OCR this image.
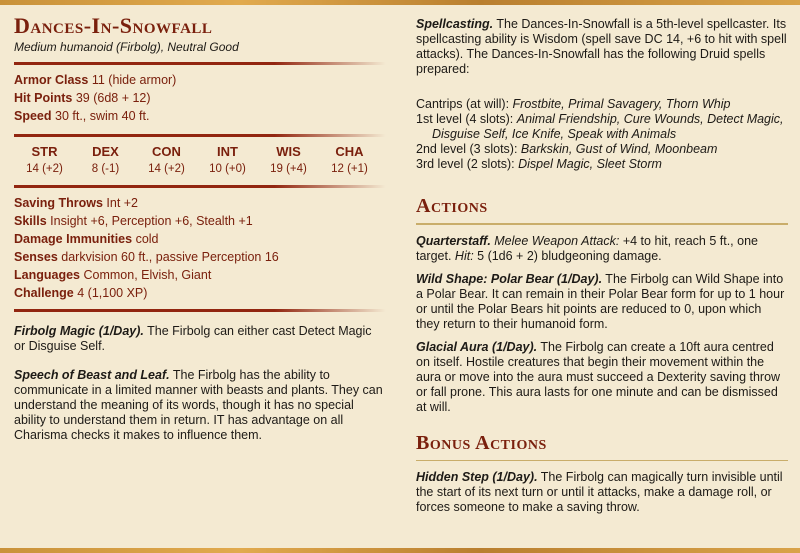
Dances-In-Snowfall
Medium humanoid (Firbolg), Neutral Good
Armor Class 11 (hide armor)
Hit Points 39 (6d8 + 12)
Speed 30 ft., swim 40 ft.
STR
14 (+2)
DEX
8 (-1)
CON
14 (+2)
INT
10 (+0)
WIS
19 (+4)
CHA
12 (+1)
Saving Throws Int +2
Skills Insight +6, Perception +6, Stealth +1
Damage Immunities cold
Senses darkvision 60 ft., passive Perception 16
Languages Common, Elvish, Giant
Challenge 4 (1,100 XP)

Firbolg Magic (1/Day). The Firbolg can either cast Detect Magic or Disguise Self.

Speech of Beast and Leaf. The Firbolg has the ability to communicate in a limited manner with beasts and plants. They can understand the meaning of its words, though it has no special ability to understand them in return. IT has advantage on all Charisma checks it makes to influence them.

Spellcasting. The Dances-In-Snowfall is a 5th-level spellcaster. Its spellcasting ability is Wisdom (spell save DC 14, +6 to hit with spell attacks). The Dances-In-Snowfall has the following Druid spells prepared:

Cantrips (at will): Frostbite, Primal Savagery, Thorn Whip
1st level (4 slots): Animal Friendship, Cure Wounds, Detect Magic,
Disguise Self, Ice Knife, Speak with Animals
2nd level (3 slots): Barkskin, Gust of Wind, Moonbeam
3rd level (2 slots): Dispel Magic, Sleet Storm
Actions

Quarterstaff. Melee Weapon Attack: +4 to hit, reach 5 ft., one target. Hit: 5 (1d6 + 2) bludgeoning damage.

Wild Shape: Polar Bear (1/Day). The Firbolg can Wild Shape into a Polar Bear. It can remain in their Polar Bear form for up to 1 hour or until the Polar Bears hit points are reduced to 0, upon which they return to their humanoid form.

Glacial Aura (1/Day). The Firbolg can create a 10ft aura centred on itself. Hostile creatures that begin their movement within the aura or move into the aura must succeed a Dexterity saving throw or fall prone. This aura lasts for one minute and can be dismissed at will.

Bonus Actions

Hidden Step (1/Day). The Firbolg can magically turn invisible until the start of its next turn or until it attacks, make a damage roll, or forces someone to make a saving throw.
